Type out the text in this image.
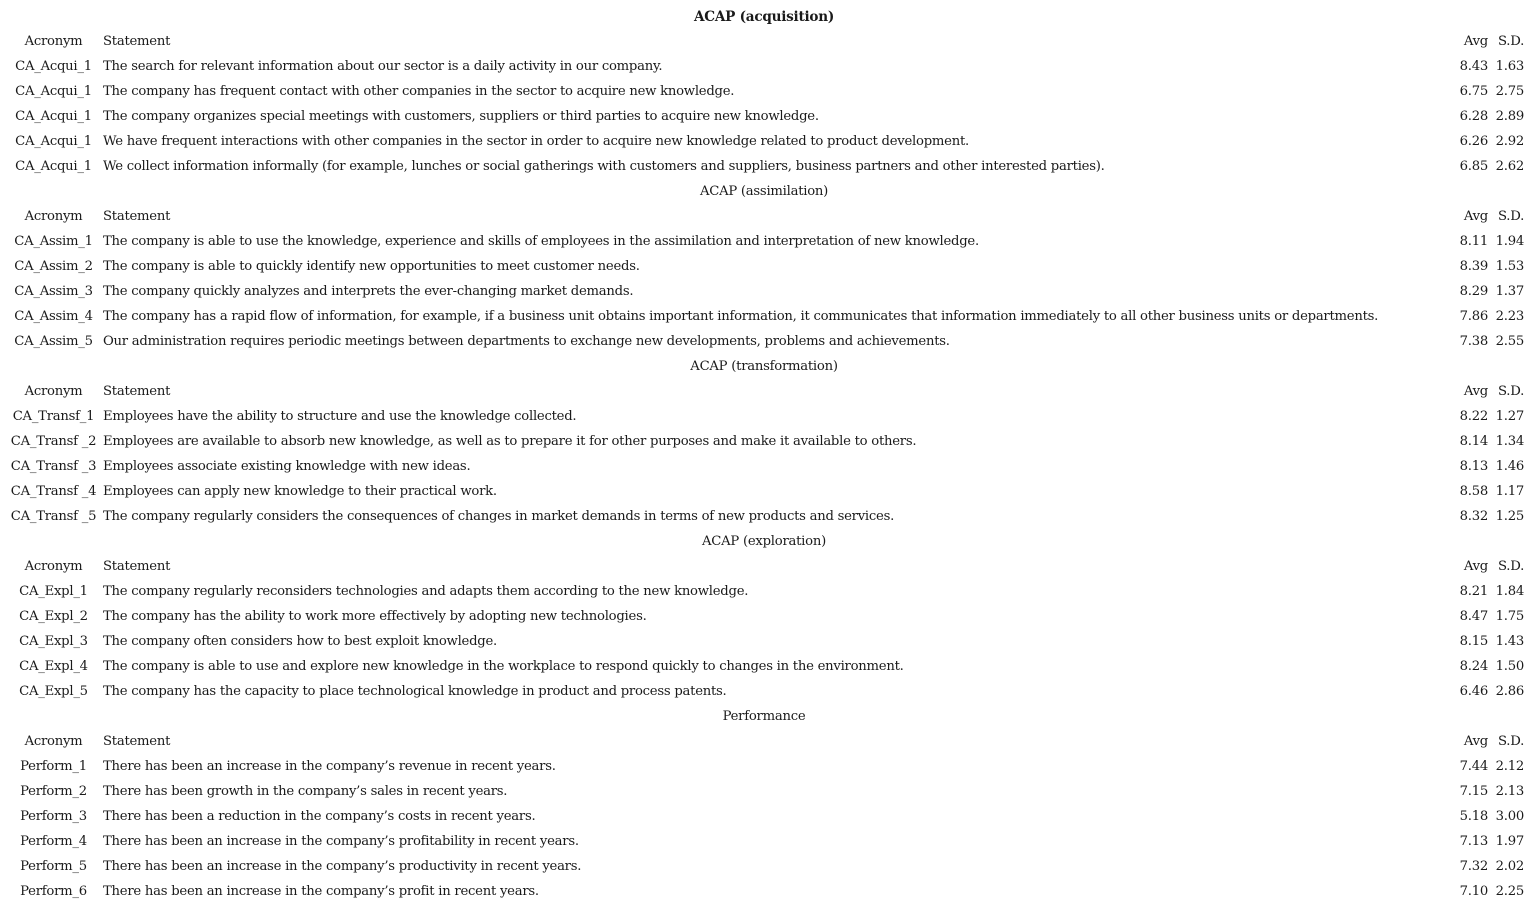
ACAP (acquisition)			
Acronym	Statement	Avg	S.D.
CA_Acqui_1	The search for relevant information about our sector is a daily activity in our company.	8.43	1.63
CA_Acqui_1	The company has frequent contact with other companies in the sector to acquire new knowledge.	6.75	2.75
CA_Acqui_1	The company organizes special meetings with customers, suppliers or third parties to acquire new knowledge.	6.28	2.89
CA_Acqui_1	We have frequent interactions with other companies in the sector in order to acquire new knowledge related to product development.	6.26	2.92
CA_Acqui_1	We collect information informally (for example, lunches or social gatherings with customers and suppliers, business partners and other interested parties).	6.85	2.62
ACAP (assimilation)			
Acronym	Statement	Avg	S.D.
CA_Assim_1	The company is able to use the knowledge, experience and skills of employees in the assimilation and interpretation of new knowledge.	8.11	1.94
CA_Assim_2	The company is able to quickly identify new opportunities to meet customer needs.	8.39	1.53
CA_Assim_3	The company quickly analyzes and interprets the ever-changing market demands.	8.29	1.37
CA_Assim_4	The company has a rapid flow of information, for example, if a business unit obtains important information, it communicates that information immediately to all other business units or departments.	7.86	2.23
CA_Assim_5	Our administration requires periodic meetings between departments to exchange new developments, problems and achievements.	7.38	2.55
ACAP (transformation)			
Acronym	Statement	Avg	S.D.
CA_Transf_1	Employees have the ability to structure and use the knowledge collected.	8.22	1.27
CA_Transf _2	Employees are available to absorb new knowledge, as well as to prepare it for other purposes and make it available to others.	8.14	1.34
CA_Transf _3	Employees associate existing knowledge with new ideas.	8.13	1.46
CA_Transf _4	Employees can apply new knowledge to their practical work.	8.58	1.17
CA_Transf _5	The company regularly considers the consequences of changes in market demands in terms of new products and services.	8.32	1.25
ACAP (exploration)			
Acronym	Statement	Avg	S.D.
CA_Expl_1	The company regularly reconsiders technologies and adapts them according to the new knowledge.	8.21	1.84
CA_Expl_2	The company has the ability to work more effectively by adopting new technologies.	8.47	1.75
CA_Expl_3	The company often considers how to best exploit knowledge.	8.15	1.43
CA_Expl_4	The company is able to use and explore new knowledge in the workplace to respond quickly to changes in the environment.	8.24	1.50
CA_Expl_5	The company has the capacity to place technological knowledge in product and process patents.	6.46	2.86
Performance			
Acronym	Statement	Avg	S.D.
Perform_1	There has been an increase in the company’s revenue in recent years.	7.44	2.12
Perform_2	There has been growth in the company’s sales in recent years.	7.15	2.13
Perform_3	There has been a reduction in the company’s costs in recent years.	5.18	3.00
Perform_4	There has been an increase in the company’s profitability in recent years.	7.13	1.97
Perform_5	There has been an increase in the company’s productivity in recent years.	7.32	2.02
Perform_6	There has been an increase in the company’s profit in recent years.	7.10	2.25
